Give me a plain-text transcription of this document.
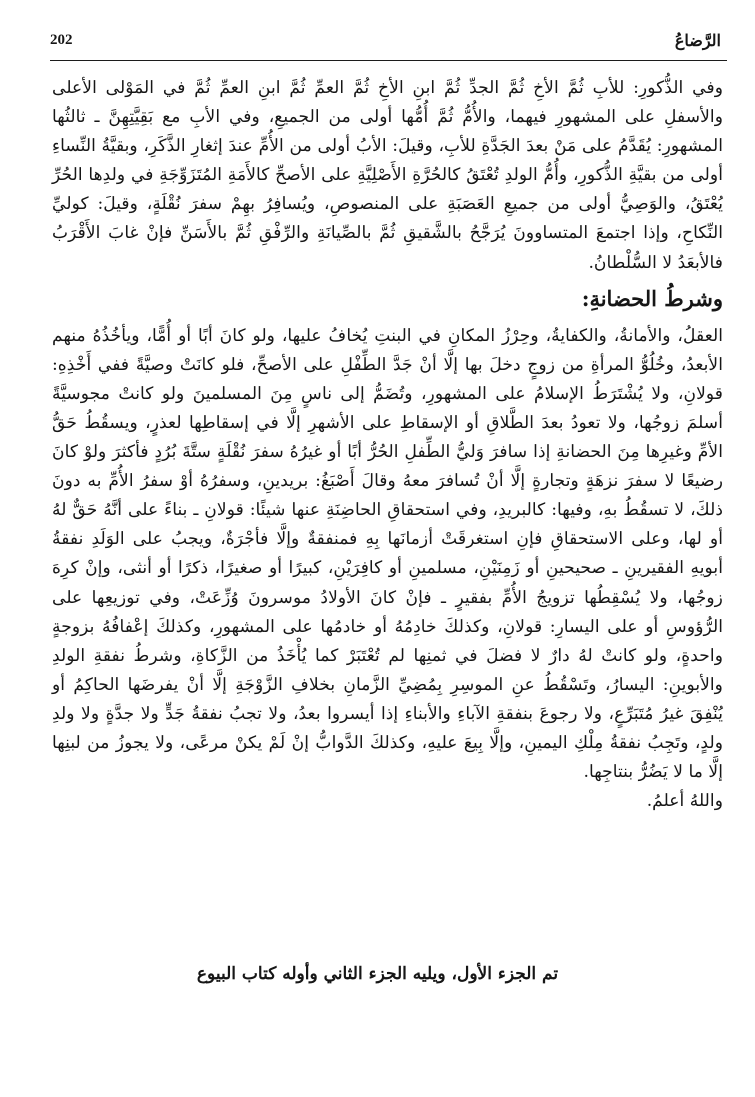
202	الرَّضاعُ

وفي الذُّكورِ: للأبِ ثُمَّ الأخِ ثُمَّ الجدِّ ثُمَّ ابنِ الأخِ ثُمَّ العمِّ ثُمَّ ابنِ العمِّ ثُمَّ في المَوْلى الأعلى والأسفلِ على المشهورِ فيهما، والأُمُّ ثُمَّ أُمُّها أولى من الجميعِ، وفي الأبِ مع بَقِيَّتِهِنَّ ـ ثالثُها المشهورِ: يُقَدَّمُ على مَنْ بعدَ الجَدَّةِ للأبِ، وقيلَ: الأبُ أولى من الأُمِّ عندَ إثغارِ الذَّكَرِ، وبقيَّةُ النِّساءِ أولى من بقيَّةِ الذُّكورِ، وأُمُّ الولدِ تُعْتَقُ كالحُرَّةِ الأَصْلِيَّةِ على الأصحِّ كالأَمَةِ المُتَزَوِّجَةِ في ولدِها الحُرِّ يُعْتَقُ، والوَصِيُّ أولى من جميعِ العَصَبَةِ على المنصوصِ، ويُسافِرُ بهِمْ سفرَ نُقْلَةٍ، وقيلَ: كوليِّ النِّكاحِ، وإذا اجتمعَ المتساوونَ يُرَجَّحُ بالشَّقيقِ ثُمَّ بالصِّيانَةِ والرِّفْقِ ثُمَّ بالأَسَنِّ فإنْ غابَ الأَقْرَبُ فالأبعَدُ لا السُّلْطانُ.

وشرطُ الحضانةِ:

العقلُ، والأمانةُ، والكفايةُ، وحِرْزُ المكانِ في البنتِ يُخافُ عليها، ولو كانَ أبًا أو أُمًّا، ويأخُذُهُ منهم الأبعدُ، وخُلُوُّ المرأةِ من زوجٍ دخلَ بها إلَّا أنْ جَدَّ الطِّفْلِ على الأصحِّ، فلو كانَتْ وصيَّةً ففي أَخْذِهِ: قولانِ، ولا يُشْتَرَطُ الإسلامُ على المشهورِ، وتُضَمُّ إلى ناسٍ مِنَ المسلمينَ ولو كانتْ مجوسيَّةً أسلمَ زوجُها، ولا تعودُ بعدَ الطَّلاقِ أو الإسقاطِ على الأشهرِ إلَّا في إسقاطِها لعذرٍ، ويسقُطُ حَقُّ الأمِّ وغيرِها مِنَ الحضانةِ إذا سافرَ وَليُّ الطِّفلِ الحُرُّ أبًا أو غيرُهُ سفرَ نُقْلَةٍ ستَّةَ بُرُدٍ فأكثرَ ولوْ كانَ رضيعًا لا سفرَ نزهَةٍ وتجارةٍ إلَّا أنْ تُسافرَ معهُ وقالَ أَصْبَغُ: بريدينِ، وسفرُهُ أوْ سفرُ الأُمِّ به دونَ ذلكَ، لا تسقُطُ بهِ، وفيها: كالبريدِ، وفي استحقاقِ الحاضِنَةِ عنها شيئًا: قولانِ ـ بناءً على أنَّهُ حَقٌّ لهُ أو لها، وعلى الاستحقاقِ فإنِ استغرقَتْ أزمانَها بِهِ فمنفقةٌ وإلَّا فأجْرَةٌ، ويجبُ على الوَلَدِ نفقةُ أبويهِ الفقيرينِ ـ صحيحينِ أو زَمِنَيْنِ، مسلمينِ أو كافِرَيْنِ، كبيرًا أو صغيرًا، ذكرًا أو أنثى، وإنْ كرِهَ زوجُها، ولا يُسْقِطُها تزويجُ الأُمِّ بفقيرٍ ـ فإنْ كانَ الأولادُ موسرونَ وُزِّعَتْ، وفي توزيعِها على الرُّؤوسِ أو على اليسارِ: قولانِ، وكذلكَ خادِمُهُ أو خادمُها على المشهورِ، وكذلكَ إعْفافُهُ بزوجةٍ واحدةٍ، ولو كانتْ لهُ دارٌ لا فضلَ في ثمنِها لم تُعْتَبَرْ كما يُأْخَذُ من الزَّكاةِ، وشرطُ نفقةِ الولدِ والأبوينِ: اليسارُ، وتَسْقُطُ عنِ الموسِرِ بِمُضِيِّ الزَّمانِ بخلافِ الزَّوْجَةِ إلَّا أنْ يفرضَها الحاكِمُ أو يُنْفِقَ غيرُ مُتَبَرِّعٍ، ولا رجوعَ بنفقةِ الآباءِ والأبناءِ إذا أيسروا بعدُ، ولا تجبُ نفقةُ جَدٍّ ولا جدَّةٍ ولا ولدِ ولدٍ، وتَجِبُ نفقةُ مِلْكِ اليمينِ، وإلَّا بِيعَ عليهِ، وكذلكَ الدَّوابُّ إنْ لَمْ يكنْ مرعًى، ولا يجوزُ من لبنِها إلَّا ما لا يَضُرُّ بنتاجِها.

واللهُ أعلمُ.

تم الجزء الأول، ويليه الجزء الثاني وأوله كتاب البيوع
